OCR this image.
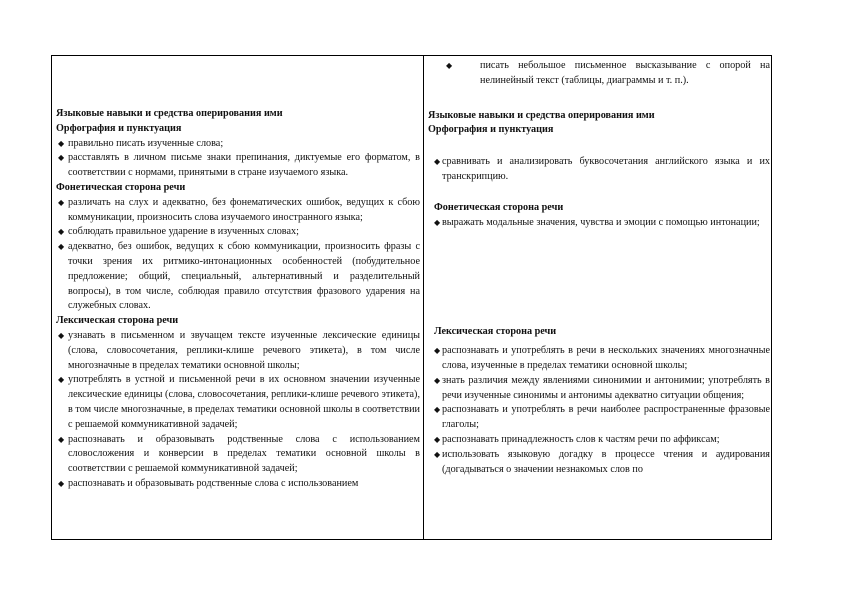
Языковые навыки и средства оперирования ими
Орфография и пунктуация
◆ правильно писать изученные слова;
◆ расставлять в личном письме знаки препинания, диктуемые его форматом, в соответствии с нормами, принятыми в стране изучаемого языка.
Фонетическая сторона речи
◆ различать на слух и адекватно, без фонематических ошибок, ведущих к сбою коммуникации, произносить слова изучаемого иностранного языка;
◆ соблюдать правильное ударение в изученных словах;
◆ адекватно, без ошибок, ведущих к сбою коммуникации, произносить фразы с точки зрения их ритмико-интонационных особенностей (побудительное предложение; общий, специальный, альтернативный и разделительный вопросы), в том числе, соблюдая правило отсутствия фразового ударения на служебных словах.
Лексическая сторона речи
◆ узнавать в письменном и звучащем тексте изученные лексические единицы (слова, словосочетания, реплики-клише речевого этикета), в том числе многозначные в пределах тематики основной школы;
◆ употреблять в устной и письменной речи в их основном значении изученные лексические единицы (слова, словосочетания, реплики-клише речевого этикета), в том числе многозначные, в пределах тематики основной школы в соответствии с решаемой коммуникативной задачей;
◆ распознавать и образовывать родственные слова с использованием словосложения и конверсии в пределах тематики основной школы в соответствии с решаемой коммуникативной задачей;
◆ распознавать и образовывать родственные слова с использованием
◆	писать небольшое письменное высказывание с опорой на нелинейный текст (таблицы, диаграммы и т. п.).
Языковые навыки и средства оперирования ими
Орфография и пунктуация
◆ сравнивать и анализировать буквосочетания английского языка и их транскрипцию.
Фонетическая сторона речи
◆ выражать модальные значения, чувства и эмоции с помощью интонации;
Лексическая сторона речи
◆ распознавать и употреблять в речи в нескольких значениях многозначные слова, изученные в пределах тематики основной школы;
◆ знать различия между явлениями синонимии и антонимии; употреблять в речи изученные синонимы и антонимы адекватно ситуации общения;
◆ распознавать и употреблять в речи наиболее распространенные фразовые глаголы;
◆ распознавать принадлежность слов к частям речи по аффиксам;
◆ использовать языковую догадку в процессе чтения и аудирования (догадываться о значении незнакомых слов по
